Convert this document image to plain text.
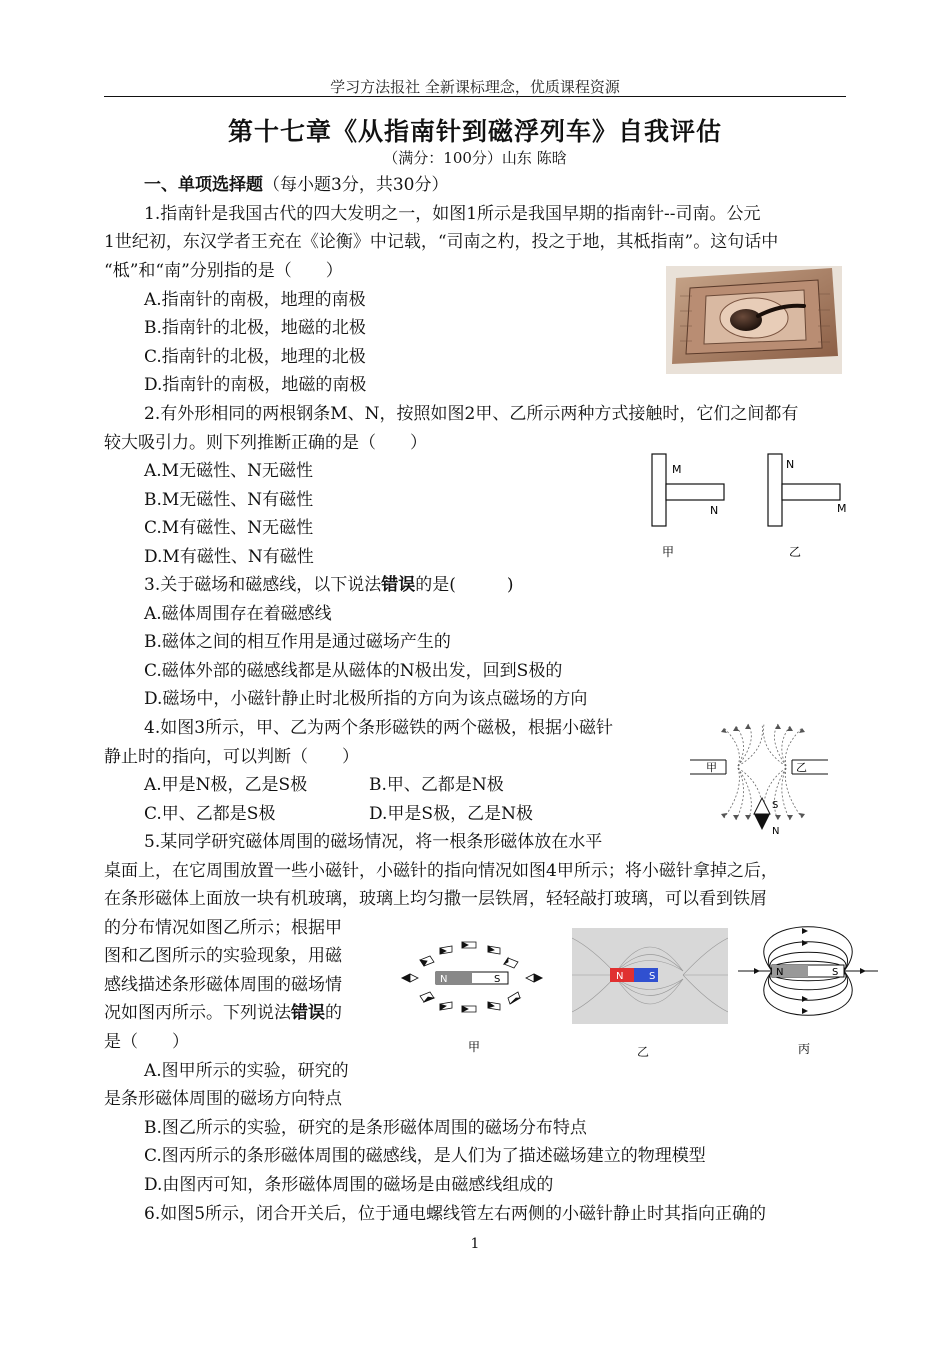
学习方法报社 全新课标理念，优质课程资源
第十七章《从指南针到磁浮列车》自我评估
（满分：100分）山东 陈晗
一、单项选择题（每小题3分，共30分）
1.指南针是我国古代的四大发明之一，如图1所示是我国早期的指南针--司南。公元
1世纪初，东汉学者王充在《论衡》中记载，“司南之杓，投之于地，其柢指南”。这句话中
“柢”和“南”分别指的是（　　）
A.指南针的南极，地理的南极
B.指南针的北极，地磁的北极
C.指南针的北极，地理的北极
D.指南针的南极，地磁的南极
2.有外形相同的两根钢条M、N，按照如图2甲、乙所示两种方式接触时，它们之间都有
较大吸引力。则下列推断正确的是（　　）
A.M无磁性、N无磁性
B.M无磁性、N有磁性
C.M有磁性、N无磁性
D.M有磁性、N有磁性
M
N
甲
N
M
乙
3.关于磁场和磁感线，以下说法错误的是(　　　)
A.磁体周围存在着磁感线
B.磁体之间的相互作用是通过磁场产生的
C.磁体外部的磁感线都是从磁体的N极出发，回到S极的
D.磁场中，小磁针静止时北极所指的方向为该点磁场的方向
4.如图3所示，甲、乙为两个条形磁铁的两个磁极，根据小磁针
静止时的指向，可以判断（　　）
A.甲是N极，乙是S极	B.甲、乙都是N极
C.甲、乙都是S极	D.甲是S极，乙是N极
甲	乙
S
N
5.某同学研究磁体周围的磁场情况，将一根条形磁体放在水平
桌面上，在它周围放置一些小磁针，小磁针的指向情况如图4甲所示；将小磁针拿掉之后，
在条形磁体上面放一块有机玻璃，玻璃上均匀撒一层铁屑，轻轻敲打玻璃，可以看到铁屑
的分布情况如图乙所示；根据甲
图和乙图所示的实验现象，用磁
感线描述条形磁体周围的磁场情
况如图丙所示。下列说法错误的
是（　　）
A.图甲所示的实验，研究的
是条形磁体周围的磁场方向特点
B.图乙所示的实验，研究的是条形磁体周围的磁场分布特点
C.图丙所示的条形磁体周围的磁感线，是人们为了描述磁场建立的物理模型
D.由图丙可知，条形磁体周围的磁场是由磁感线组成的
N	S
甲
N	S
乙
N	S
丙
6.如图5所示，闭合开关后，位于通电螺线管左右两侧的小磁针静止时其指向正确的
1
